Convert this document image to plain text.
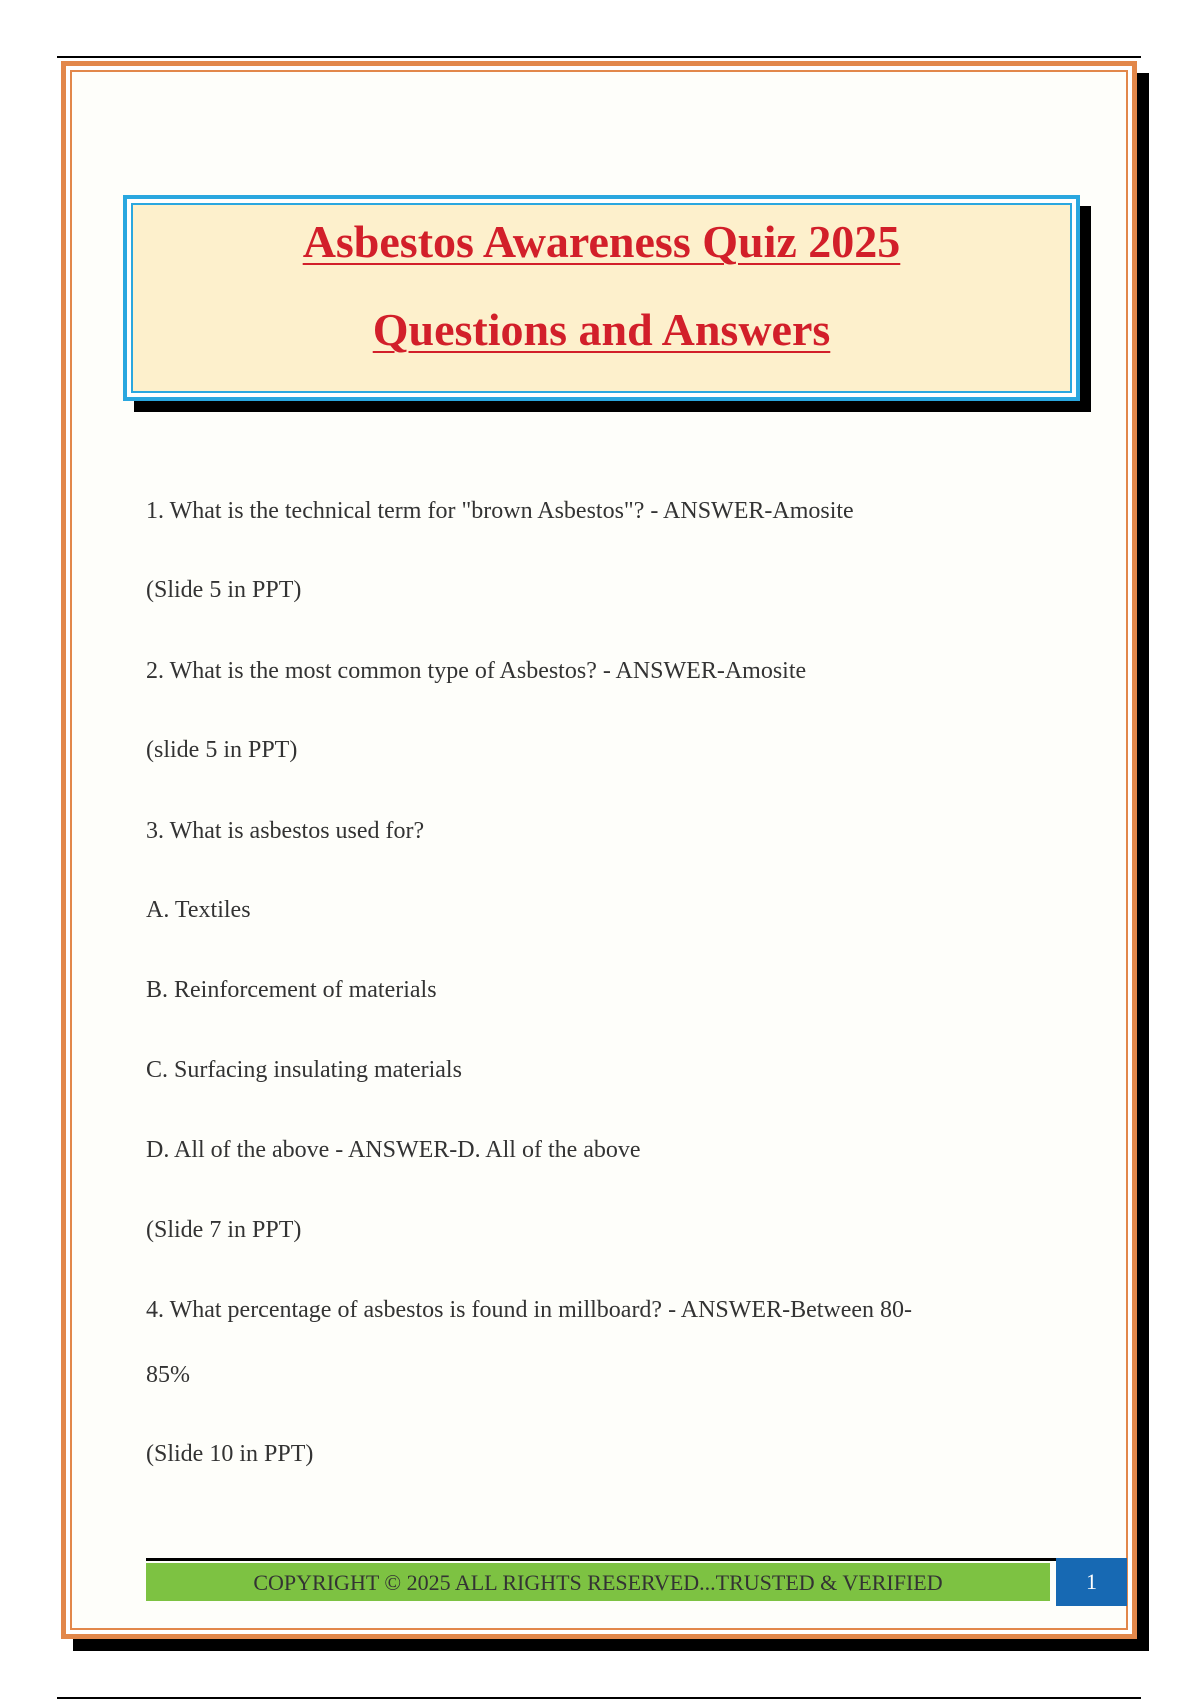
Asbestos Awareness Quiz 2025
Questions and Answers

1. What is the technical term for "brown Asbestos"? - ANSWER-Amosite

(Slide 5 in PPT)

2. What is the most common type of Asbestos? - ANSWER-Amosite

(slide 5 in PPT)

3. What is asbestos used for?

A. Textiles

B. Reinforcement of materials

C. Surfacing insulating materials

D. All of the above - ANSWER-D. All of the above

(Slide 7 in PPT)

4. What percentage of asbestos is found in millboard? - ANSWER-Between 80-

85%

(Slide 10 in PPT)

COPYRIGHT © 2025 ALL RIGHTS RESERVED...TRUSTED & VERIFIED	1
